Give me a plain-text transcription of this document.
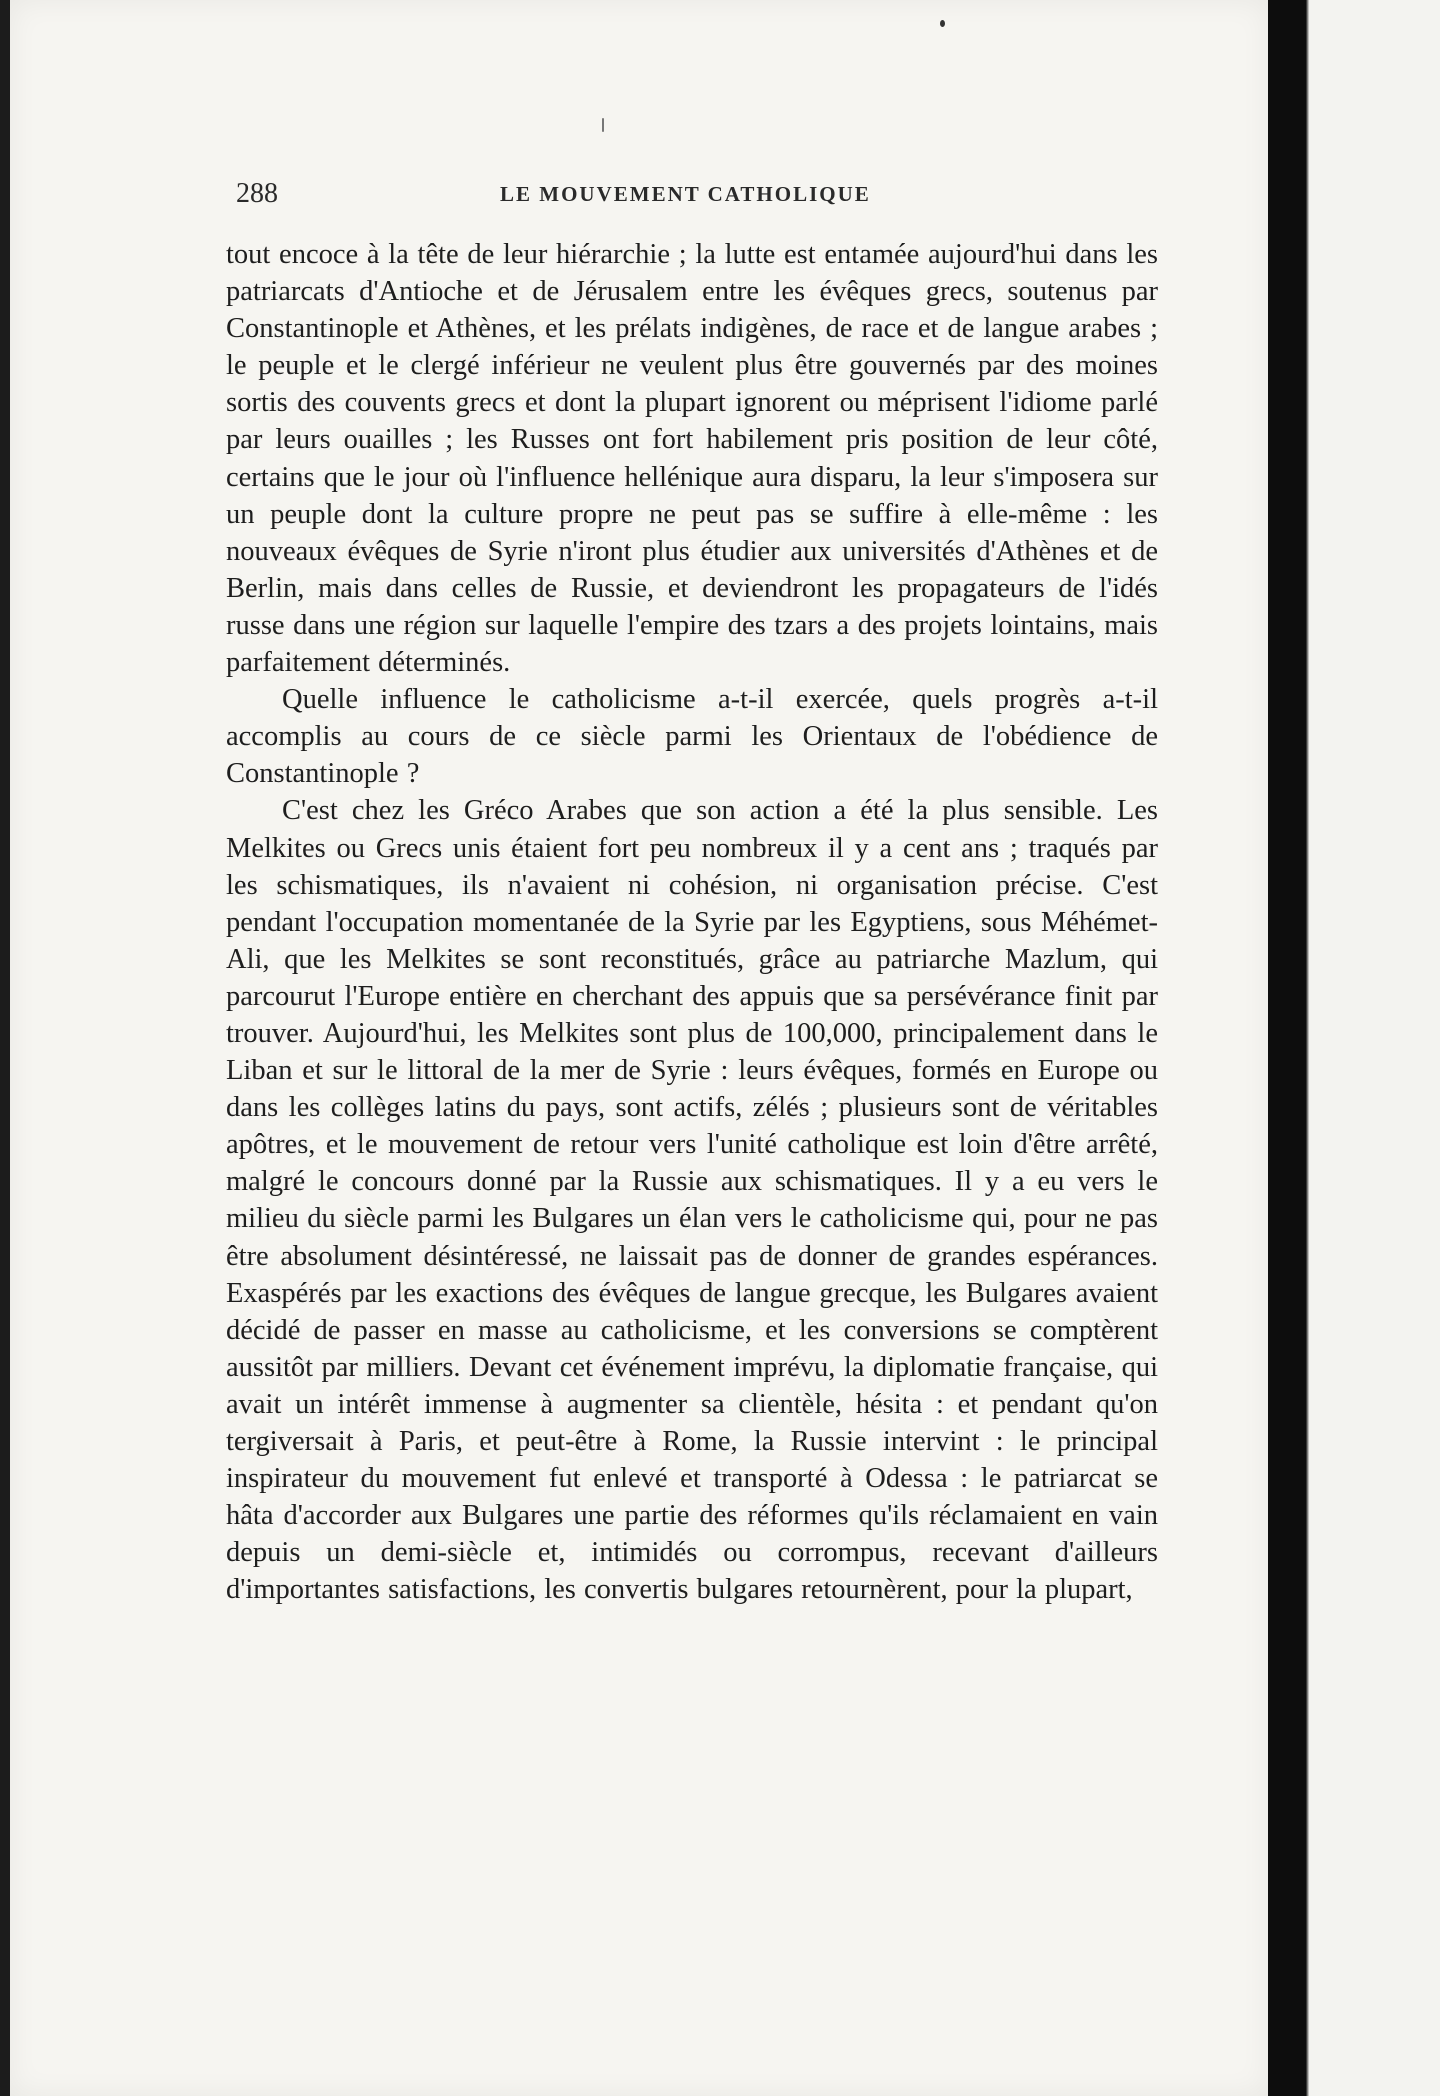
288	LE MOUVEMENT CATHOLIQUE

tout encoce à la tête de leur hiérarchie ; la lutte est entamée aujourd'hui dans les patriarcats d'Antioche et de Jérusalem entre les évêques grecs, soutenus par Constantinople et Athènes, et les prélats indigènes, de race et de langue arabes ; le peuple et le clergé inférieur ne veulent plus être gouvernés par des moines sortis des couvents grecs et dont la plupart ignorent ou méprisent l'idiome parlé par leurs ouailles ; les Russes ont fort habilement pris position de leur côté, certains que le jour où l'influence hellénique aura disparu, la leur s'imposera sur un peuple dont la culture propre ne peut pas se suffire à elle-même : les nouveaux évêques de Syrie n'iront plus étudier aux universités d'Athènes et de Berlin, mais dans celles de Russie, et deviendront les propagateurs de l'idés russe dans une région sur laquelle l'empire des tzars a des projets lointains, mais parfaitement déterminés.

Quelle influence le catholicisme a-t-il exercée, quels progrès a-t-il accomplis au cours de ce siècle parmi les Orientaux de l'obédience de Constantinople ?

C'est chez les Gréco Arabes que son action a été la plus sensible. Les Melkites ou Grecs unis étaient fort peu nombreux il y a cent ans ; traqués par les schismatiques, ils n'avaient ni cohésion, ni organisation précise. C'est pendant l'occupation momentanée de la Syrie par les Egyptiens, sous Méhémet-Ali, que les Melkites se sont reconstitués, grâce au patriarche Mazlum, qui parcourut l'Europe entière en cherchant des appuis que sa persévérance finit par trouver. Aujourd'hui, les Melkites sont plus de 100,000, principalement dans le Liban et sur le littoral de la mer de Syrie : leurs évêques, formés en Europe ou dans les collèges latins du pays, sont actifs, zélés ; plusieurs sont de véritables apôtres, et le mouvement de retour vers l'unité catholique est loin d'être arrêté, malgré le concours donné par la Russie aux schismatiques. Il y a eu vers le milieu du siècle parmi les Bulgares un élan vers le catholicisme qui, pour ne pas être absolument désintéressé, ne laissait pas de donner de grandes espérances. Exaspérés par les exactions des évêques de langue grecque, les Bulgares avaient décidé de passer en masse au catholicisme, et les conversions se comptèrent aussitôt par milliers. Devant cet événement imprévu, la diplomatie française, qui avait un intérêt immense à augmenter sa clientèle, hésita : et pendant qu'on tergiversait à Paris, et peut-être à Rome, la Russie intervint : le principal inspirateur du mouvement fut enlevé et transporté à Odessa : le patriarcat se hâta d'accorder aux Bulgares une partie des réformes qu'ils réclamaient en vain depuis un demi-siècle et, intimidés ou corrompus, recevant d'ailleurs d'importantes satisfactions, les convertis bulgares retournèrent, pour la plupart,
